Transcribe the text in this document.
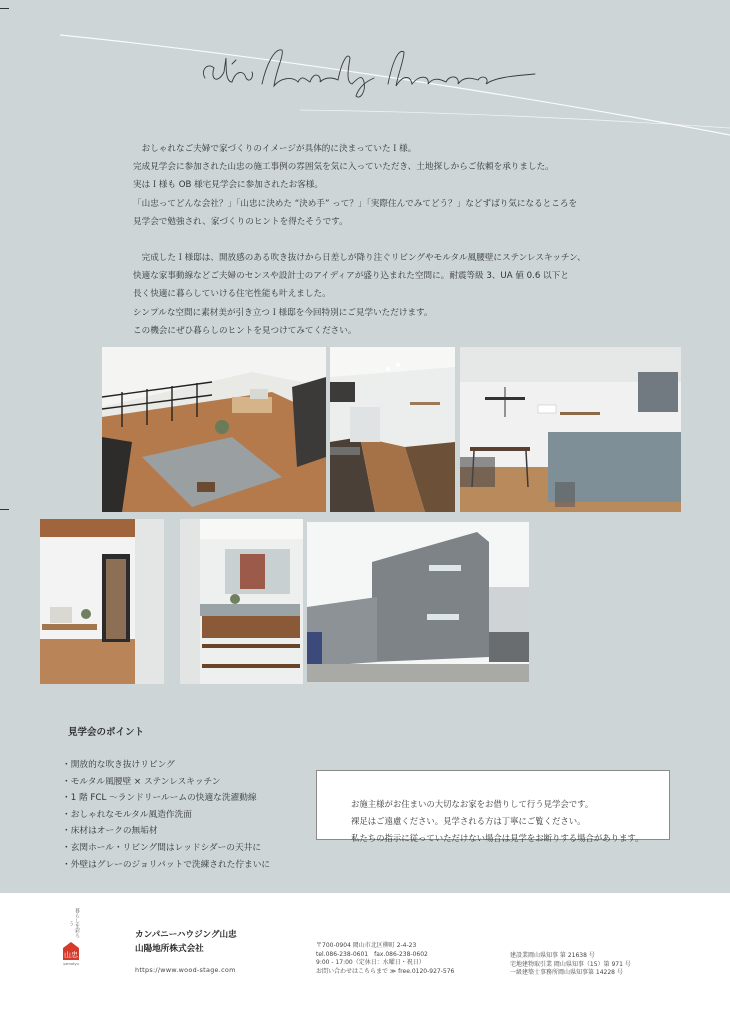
　おしゃれなご夫婦で家づくりのイメージが具体的に決まっていたＩ様。

完成見学会に参加された山忠の施工事例の雰囲気を気に入っていただき、土地探しからご依頼を承りました。

実はＩ様も OB 様宅見学会に参加されたお客様。

「山忠ってどんな会社？」「山忠に決めた “決め手” って？」「実際住んでみてどう？」などずばり気になるところを

見学会で勉強され、家づくりのヒントを得たそうです。

　完成したＩ様邸は、開放感のある吹き抜けから日差しが降り注ぐリビングやモルタル風腰壁にステンレスキッチン、

快適な家事動線などご夫婦のセンスや設計士のアイディアが盛り込まれた空間に。耐震等級 3、UA 値 0.6 以下と

長く快適に暮らしていける住宅性能も叶えました。

シンプルな空間に素材美が引き立つＩ様邸を今回特別にご見学いただけます。

この機会にぜひ暮らしのヒントを見つけてみてください。

見学会のポイント
・開放的な吹き抜けリビング
・モルタル風腰壁 × ステンレスキッチン
・1 階 FCL ～ランドリールームの快適な洗濯動線
・おしゃれなモルタル風造作洗面
・床材はオークの無垢材
・玄関ホール・リビング間はレッドシダーの天井に
・外壁はグレーのジョリパットで洗練された佇まいに

お施主様がお住まいの大切なお家をお借りして行う見学会です。

裸足はご遠慮ください。見学される方は丁寧にご覧ください。

私たちの指示に従っていただけない場合は見学をお断りする場合があります。

暮らしを彩ろう
山忠
yamatyu
カンパニーハウジング山忠
山陽地所株式会社
https://www.wood-stage.com
〒700-0904 岡山市北区柳町 2-4-23
tel.086-238-0601　fax.086-238-0602
9:00 - 17:00（定休日：水曜日・祝日）
お問い合わせはこちらまで ≫ free.0120-927-576
建設業岡山県知事 第 21638 号
宅地建物取引業 岡山県知事（15）第 971 号
一級建築士事務所岡山県知事第 14228 号
